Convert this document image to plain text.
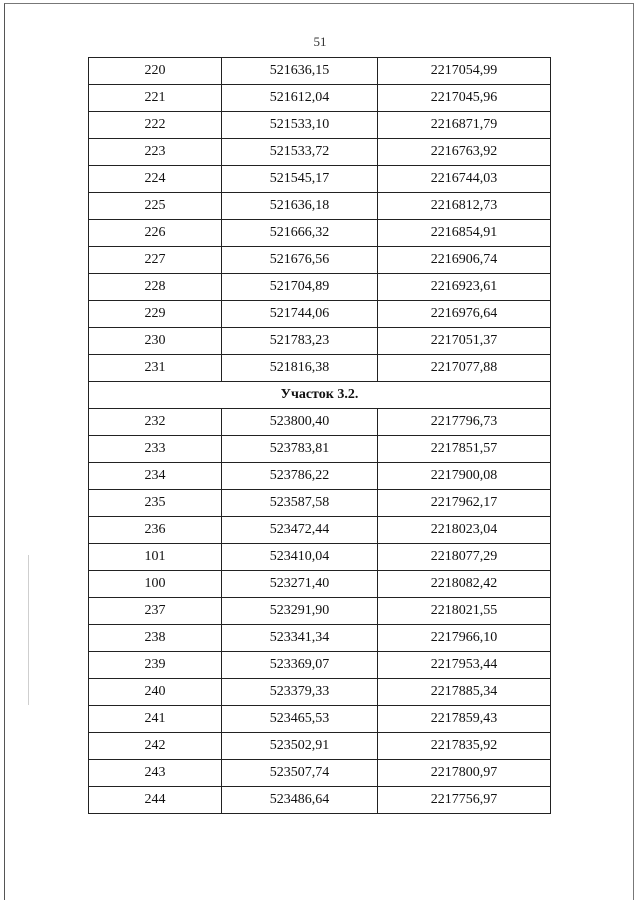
51
220	521636,15	2217054,99
221	521612,04	2217045,96
222	521533,10	2216871,79
223	521533,72	2216763,92
224	521545,17	2216744,03
225	521636,18	2216812,73
226	521666,32	2216854,91
227	521676,56	2216906,74
228	521704,89	2216923,61
229	521744,06	2216976,64
230	521783,23	2217051,37
231	521816,38	2217077,88
Участок 3.2.		
232	523800,40	2217796,73
233	523783,81	2217851,57
234	523786,22	2217900,08
235	523587,58	2217962,17
236	523472,44	2218023,04
101	523410,04	2218077,29
100	523271,40	2218082,42
237	523291,90	2218021,55
238	523341,34	2217966,10
239	523369,07	2217953,44
240	523379,33	2217885,34
241	523465,53	2217859,43
242	523502,91	2217835,92
243	523507,74	2217800,97
244	523486,64	2217756,97
